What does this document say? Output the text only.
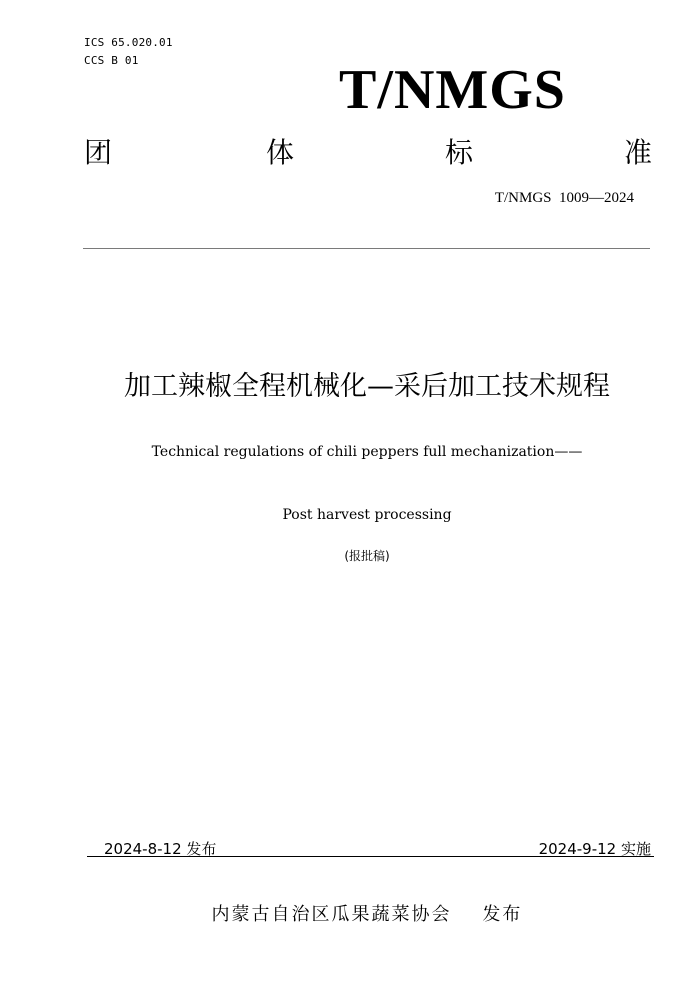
ICS 65.020.01
CCS B 01	T/NMGS
团	体	标	准
T/NMGS  1009—2024
加工辣椒全程机械化—采后加工技术规程
Technical regulations of chili peppers full mechanization——
Post harvest processing
(报批稿)
2024-8-12 发布	2024-9-12 实施
内蒙古自治区瓜果蔬菜协会    发布
